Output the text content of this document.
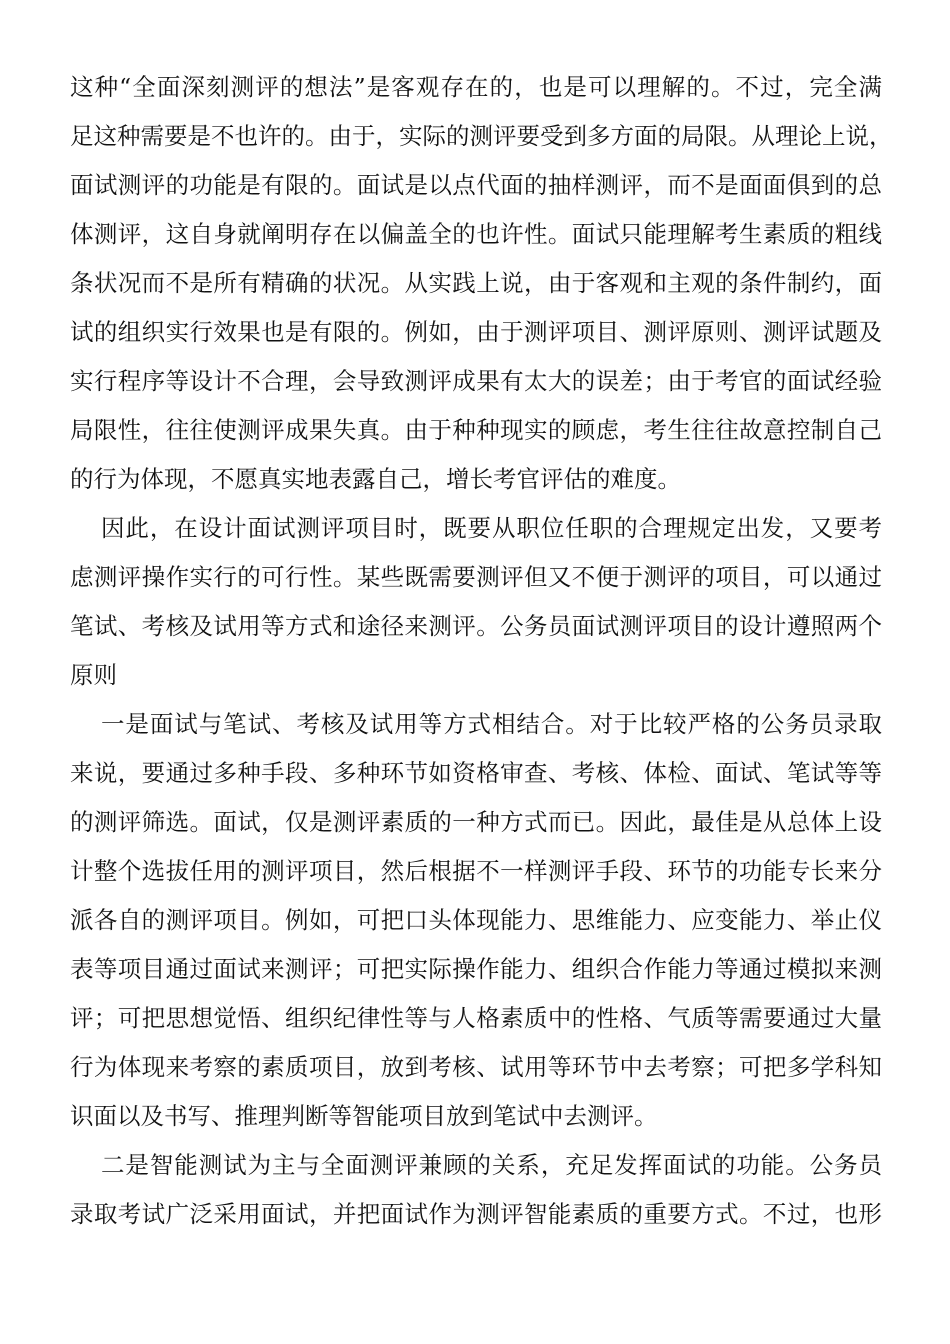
这种“全面深刻测评的想法”是客观存在的，也是可以理解的。不过，完全满
足这种需要是不也许的。由于，实际的测评要受到多方面的局限。从理论上说，
面试测评的功能是有限的。面试是以点代面的抽样测评，而不是面面俱到的总
体测评，这自身就阐明存在以偏盖全的也许性。面试只能理解考生素质的粗线
条状况而不是所有精确的状况。从实践上说，由于客观和主观的条件制约，面
试的组织实行效果也是有限的。例如，由于测评项目、测评原则、测评试题及
实行程序等设计不合理，会导致测评成果有太大的误差；由于考官的面试经验
局限性，往往使测评成果失真。由于种种现实的顾虑，考生往往故意控制自己
的行为体现，不愿真实地表露自己，增长考官评估的难度。
因此，在设计面试测评项目时，既要从职位任职的合理规定出发，又要考
虑测评操作实行的可行性。某些既需要测评但又不便于测评的项目，可以通过
笔试、考核及试用等方式和途径来测评。公务员面试测评项目的设计遵照两个
原则
一是面试与笔试、考核及试用等方式相结合。对于比较严格的公务员录取
来说，要通过多种手段、多种环节如资格审查、考核、体检、面试、笔试等等
的测评筛选。面试，仅是测评素质的一种方式而已。因此，最佳是从总体上设
计整个选拔任用的测评项目，然后根据不一样测评手段、环节的功能专长来分
派各自的测评项目。例如，可把口头体现能力、思维能力、应变能力、举止仪
表等项目通过面试来测评；可把实际操作能力、组织合作能力等通过模拟来测
评；可把思想觉悟、组织纪律性等与人格素质中的性格、气质等需要通过大量
行为体现来考察的素质项目，放到考核、试用等环节中去考察；可把多学科知
识面以及书写、推理判断等智能项目放到笔试中去测评。
二是智能测试为主与全面测评兼顾的关系，充足发挥面试的功能。公务员
录取考试广泛采用面试，并把面试作为测评智能素质的重要方式。不过，也形
